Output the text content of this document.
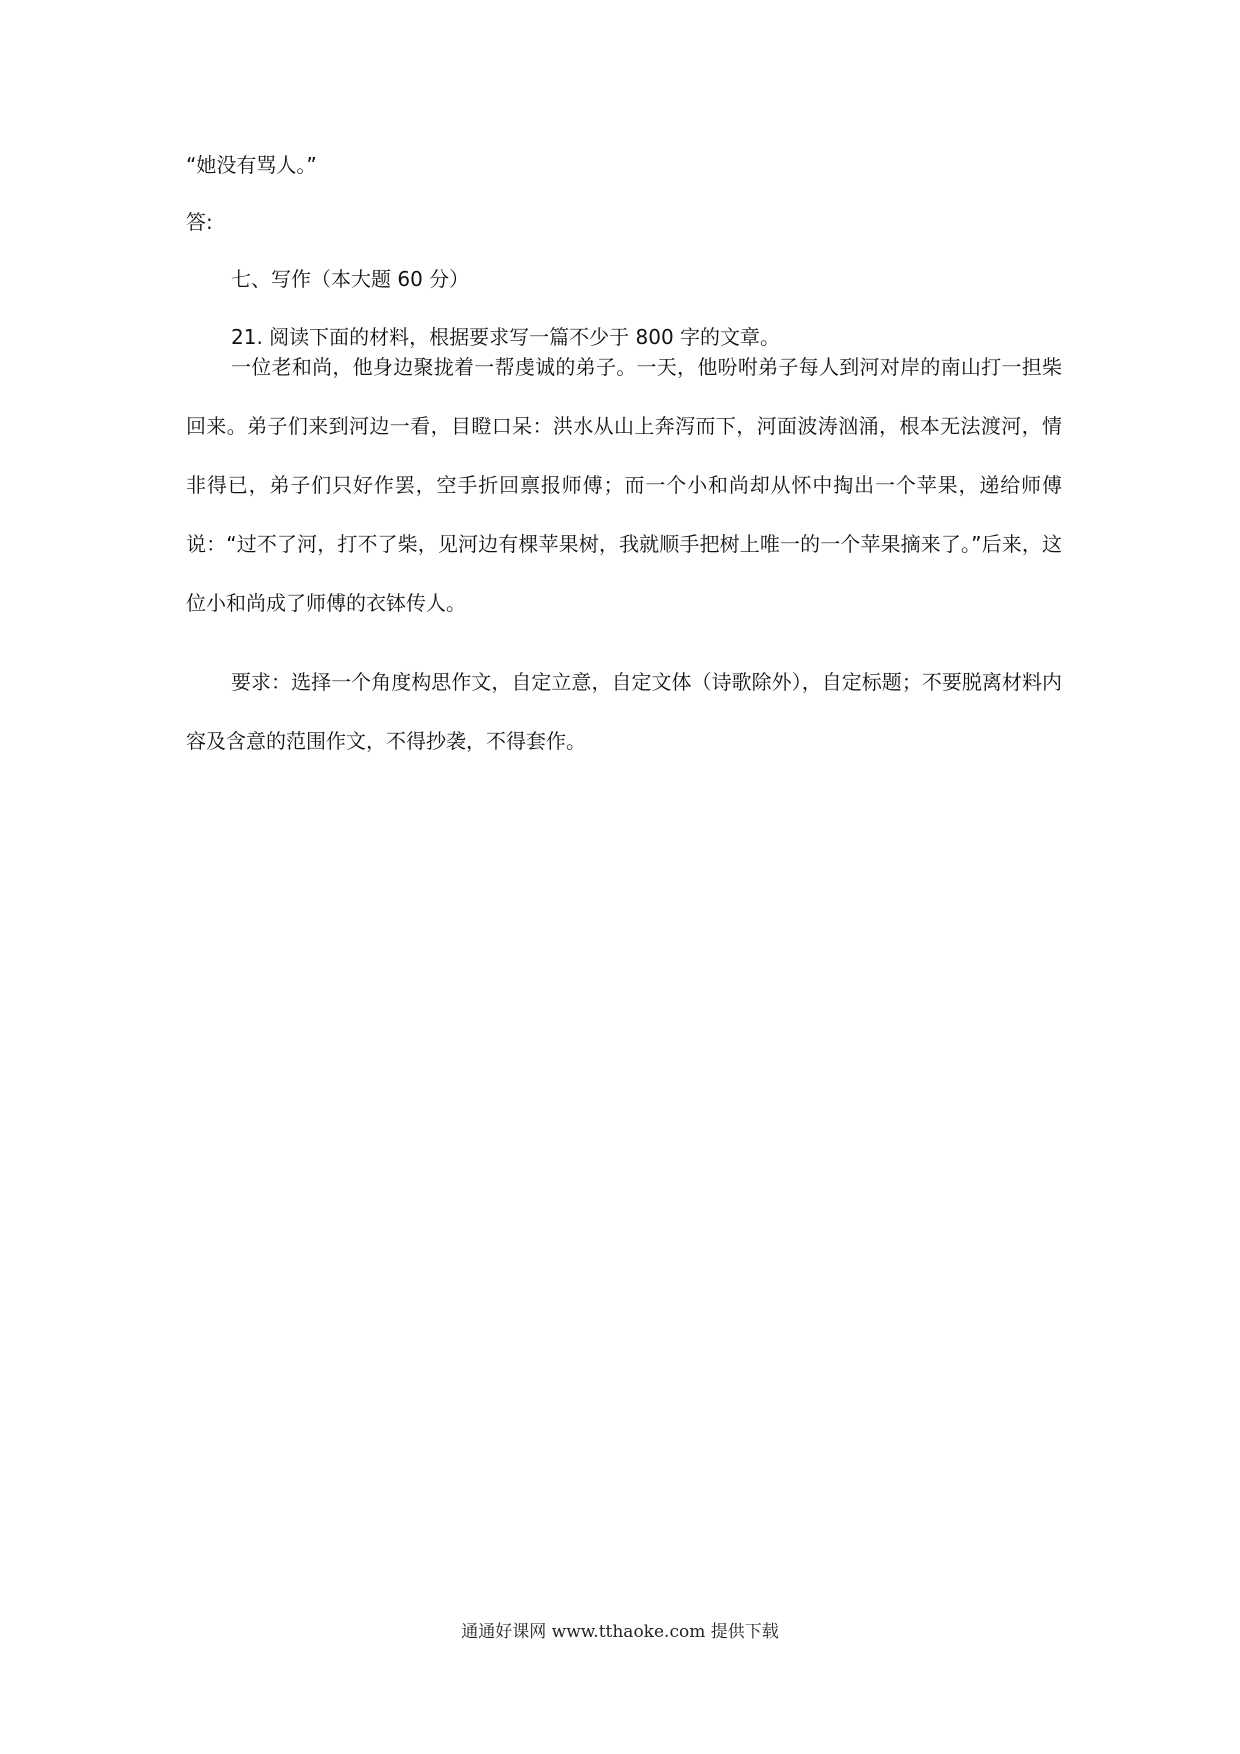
“她没有骂人。”

答:

七、写作（本大题 60 分）

21. 阅读下面的材料，根据要求写一篇不少于 800 字的文章。

一位老和尚，他身边聚拢着一帮虔诚的弟子。一天，他吩咐弟子每人到河对岸的南山打一担柴回来。弟子们来到河边一看，目瞪口呆：洪水从山上奔泻而下，河面波涛汹涌，根本无法渡河，情非得已，弟子们只好作罢，空手折回禀报师傅；而一个小和尚却从怀中掏出一个苹果，递给师傅说：“过不了河，打不了柴，见河边有棵苹果树，我就顺手把树上唯一的一个苹果摘来了。”后来，这位小和尚成了师傅的衣钵传人。

要求：选择一个角度构思作文，自定立意，自定文体（诗歌除外），自定标题；不要脱离材料内容及含意的范围作文，不得抄袭，不得套作。

通通好课网 www.tthaoke.com 提供下载
